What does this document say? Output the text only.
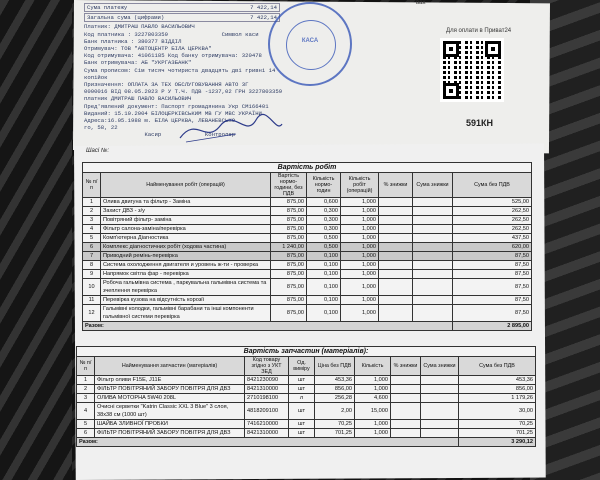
Сума платежу	7 422,14
Загальна сума (цифрами)	7 422,14
Платник: ДМИТРАШ ПАВЛО ВАСИЛЬОВИЧ
Код платника : 3227803359	Символ каси
Банк платника : 380377 ВІДДІЛ
Отримувач: ТОВ "АВТОЦЕНТР БІЛА ЦЕРКВА"
Код отримувача: 41061185 Код банку отримувача: 320478
Банк отримувача: АБ "УКРГАЗБАНК"
Сума прописом: Сім тисяч чотириста двадцять дві гривні 14
копійок
Призначення: ОПЛАТА ЗА ТЕХ ОБСЛУГОВУВАННЯ АВТО ЗГ
0000016 ВІД 08.05.2023 Р У Т.Ч. ПДВ -1237,02 ГРН 3227803359
платник ДМИТРАШ ПАВЛО ВАСИЛЬОВИЧ
Пред'явлений документ: Паспорт громадянина Укр СМ166401
Виданий: 15.10.2004 БІЛОЦЕРКІВСЬКИМ МВ ГУ МВС УКРАЇНИ
Адреса:16.05.1988 м. БІЛА ЦЕРКВА, ЛЕВАНЕВСЬКО
го, 58, 22
Касир	Контролер
КАСА
вах
Для оплати в Приват24
591КН
Шасі №:
Вартість робіт							
№ п/п	Найменування робіт (операцій)	Вартість нормо-години, без ПДВ	Кількість нормо-годин	Кількість робіт (операцій)	% знижки	Сума знижки	Сума без ПДВ
1	Олива двигуна та фільтр - Заміна	875,00	0,600	1,000			525,00
2	Захист ДВЗ - з/у	875,00	0,300	1,000			262,50
3	Повітряний фільтр- заміна	875,00	0,300	1,000			262,50
4	Фільтр салона-заміна/перевірка	875,00	0,300	1,000			262,50
5	Комп'ютерна Діагностика	875,00	0,500	1,000			437,50
6	Комплекс діагностичних робіт (ходова частина)	1 240,00	0,500	1,000			620,00
7	Приводний ремінь-перевірка	875,00	0,100	1,000			87,50
8	Система охолодження двигателя и уровень ж-ти - проверка	875,00	0,100	1,000			87,50
9	Напрямок світла фар - перевірка	875,00	0,100	1,000			87,50
10	Робоча гальмівна система , паркувальна гальмівна система та зчеплення перевірка	875,00	0,100	1,000			87,50
11	Перевірка кузова на відсутність корозії	875,00	0,100	1,000			87,50
12	Гальмівні колодки, гальмівні барабани та інші компоненти гальмівної системи перевірка	875,00	0,100	1,000			87,50
Разом:							2 895,00
Вартість запчастин (матеріалів):								
№ п/п	Найменування запчастин (матеріалів)	Код товару згідно з УКТ ЗЕД	Од. виміру	Ціна без ПДВ	Кількість	% знижки	Сума знижки	Сума без ПДВ
1	Фільтр оливи F15E, J11E	8421230090	шт	453,36	1,000			453,36
2	ФІЛЬТР ПОВІТРЯНИЙ ЗАБОРУ ПОВІТРЯ ДЛЯ ДВЗ	8421310000	шт	856,00	1,000			856,00
3	ОЛИВА МОТОРНА 5W40 208L	2710198100	л	256,28	4,600			1 179,26
4	Очисні серветки "Katrin Classic XXL 3 Blue" 3 слоя, 38x38 см (1000 шт)	4818209100	шт	2,00	15,000			30,00
5	ШАЙБА ЗЛИВНОЇ ПРОБКИ	7416210000	шт	70,25	1,000			70,25
6	ФІЛЬТР ПОВІТРЯНИЙ ЗАБОРУ ПОВІТРЯ ДЛЯ ДВЗ	8421310000	шт	701,25	1,000			701,25
Разом:								3 290,12
